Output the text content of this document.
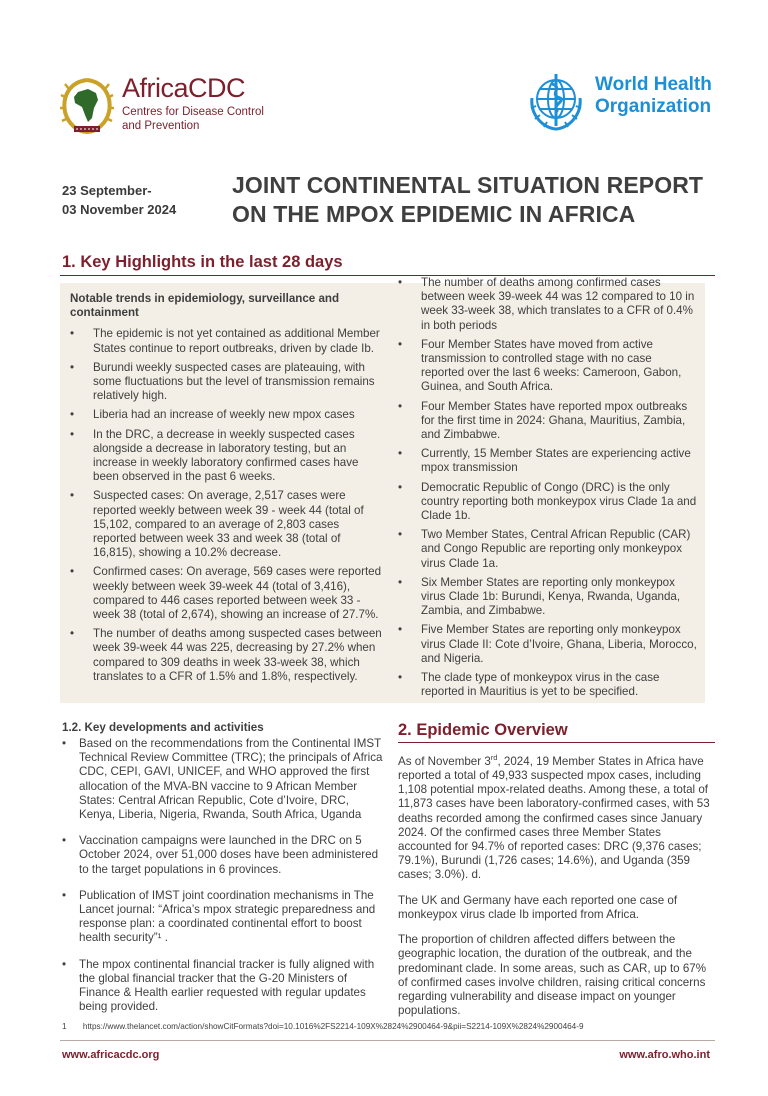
AfricaCDC
Centres for Disease Control
and Prevention
World Health
Organization
23 September-
03 November 2024
JOINT CONTINENTAL SITUATION REPORT
ON THE MPOX EPIDEMIC IN AFRICA
1. Key Highlights in the last 28 days
Notable trends in epidemiology, surveillance and containment
• The epidemic is not yet contained as additional Member States continue to report outbreaks, driven by clade Ib.
• Burundi weekly suspected cases are plateauing, with some fluctuations but the level of transmission remains relatively high.
• Liberia had an increase of weekly new mpox cases
• In the DRC, a decrease in weekly suspected cases alongside a decrease in laboratory testing, but an increase in weekly laboratory confirmed cases have been observed in the past 6 weeks.
• Suspected cases: On average, 2,517 cases were reported weekly between week 39 - week 44 (total of 15,102, compared to an average of 2,803 cases reported between week 33 and week 38 (total of 16,815), showing a 10.2% decrease.
• Confirmed cases: On average, 569 cases were reported weekly between week 39-week 44 (total of 3,416), compared to 446 cases reported between week 33 - week 38 (total of 2,674), showing an increase of 27.7%.
• The number of deaths among suspected cases between week 39-week 44 was 225, decreasing by 27.2% when compared to 309 deaths in week 33-week 38, which translates to a CFR of 1.5% and 1.8%, respectively.
• The number of deaths among confirmed cases between week 39-week 44 was 12 compared to 10 in week 33-week 38, which translates to a CFR of 0.4% in both periods
• Four Member States have moved from active transmission to controlled stage with no case reported over the last 6 weeks: Cameroon, Gabon, Guinea, and South Africa.
• Four Member States have reported mpox outbreaks for the first time in 2024: Ghana, Mauritius, Zambia, and Zimbabwe.
• Currently, 15 Member States are experiencing active mpox transmission
• Democratic Republic of Congo (DRC) is the only country reporting both monkeypox virus Clade 1a and Clade 1b.
• Two Member States, Central African Republic (CAR) and Congo Republic are reporting only monkeypox virus Clade 1a.
• Six Member States are reporting only monkeypox virus Clade 1b: Burundi, Kenya, Rwanda, Uganda, Zambia, and Zimbabwe.
• Five Member States are reporting only monkeypox virus Clade II: Cote d’Ivoire, Ghana, Liberia, Morocco, and Nigeria.
• The clade type of monkeypox virus in the case reported in Mauritius is yet to be specified.
1.2. Key developments and activities
• Based on the recommendations from the Continental IMST Technical Review Committee (TRC); the principals of Africa CDC, CEPI, GAVI, UNICEF, and WHO approved the first allocation of the MVA-BN vaccine to 9 African Member States: Central African Republic, Cote d’Ivoire, DRC, Kenya, Liberia, Nigeria, Rwanda, South Africa, Uganda
• Vaccination campaigns were launched in the DRC on 5 October 2024, over 51,000 doses have been administered to the target populations in 6 provinces.
• Publication of IMST joint coordination mechanisms in The Lancet journal: “Africa’s mpox strategic preparedness and response plan: a coordinated continental effort to boost health security”¹ .
• The mpox continental financial tracker is fully aligned with the global financial tracker that the G-20 Ministers of Finance & Health earlier requested with regular updates being provided.
2. Epidemic Overview

As of November 3rd, 2024, 19 Member States in Africa have reported a total of 49,933 suspected mpox cases, including 1,108 potential mpox-related deaths. Among these, a total of 11,873 cases have been laboratory-confirmed cases, with 53 deaths recorded among the confirmed cases since January 2024. Of the confirmed cases three Member States accounted for 94.7% of reported cases: DRC (9,376 cases; 79.1%), Burundi (1,726 cases; 14.6%), and Uganda (359 cases; 3.0%). d.

The UK and Germany have each reported one case of monkeypox virus clade Ib imported from Africa.

The proportion of children affected differs between the geographic location, the duration of the outbreak, and the predominant clade. In some areas, such as CAR, up to 67% of confirmed cases involve children, raising critical concerns regarding vulnerability and disease impact on younger populations.

1 https://www.thelancet.com/action/showCitFormats?doi=10.1016%2FS2214-109X%2824%2900464-9&pii=S2214-109X%2824%2900464-9
www.africacdc.org	www.afro.who.int
